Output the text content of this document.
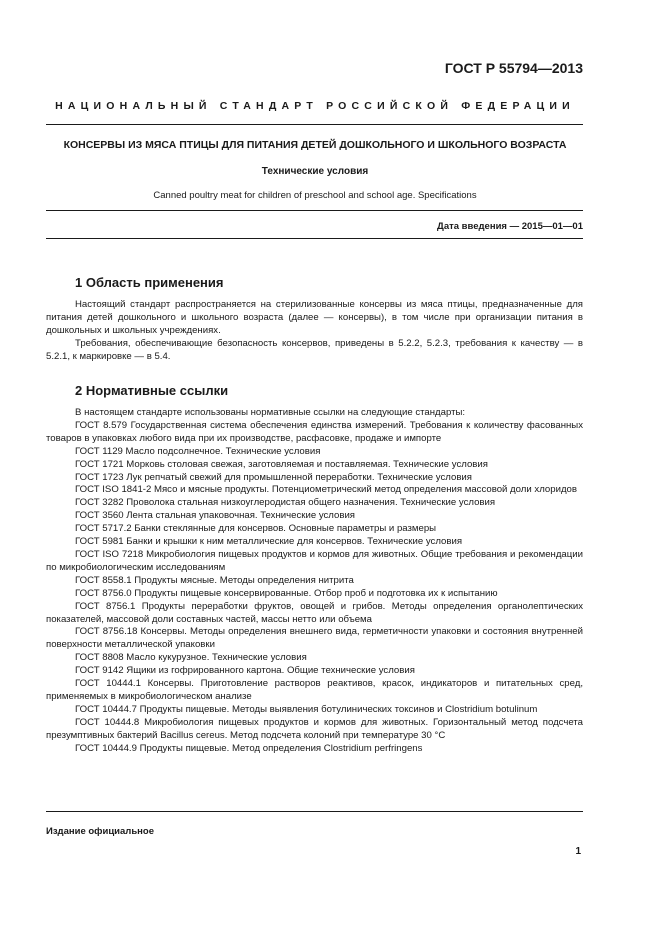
ГОСТ Р 55794—2013
НАЦИОНАЛЬНЫЙ СТАНДАРТ РОССИЙСКОЙ ФЕДЕРАЦИИ
КОНСЕРВЫ ИЗ МЯСА ПТИЦЫ ДЛЯ ПИТАНИЯ ДЕТЕЙ ДОШКОЛЬНОГО И ШКОЛЬНОГО ВОЗРАСТА
Технические условия
Canned poultry meat for children of preschool and school age. Specifications
Дата введения — 2015—01—01
1 Область применения

Настоящий стандарт распространяется на стерилизованные консервы из мяса птицы, предназначенные для питания детей дошкольного и школьного возраста (далее — консервы), в том числе при организации питания в дошкольных и школьных учреждениях.

Требования, обеспечивающие безопасность консервов, приведены в 5.2.2, 5.2.3, требования к качеству — в 5.2.1, к маркировке — в 5.4.

2 Нормативные ссылки

В настоящем стандарте использованы нормативные ссылки на следующие стандарты:

ГОСТ 8.579 Государственная система обеспечения единства измерений. Требования к количеству фасованных товаров в упаковках любого вида при их производстве, расфасовке, продаже и импорте

ГОСТ 1129 Масло подсолнечное. Технические условия

ГОСТ 1721 Морковь столовая свежая, заготовляемая и поставляемая. Технические условия

ГОСТ 1723 Лук репчатый свежий для промышленной переработки. Технические условия

ГОСТ ISO 1841-2 Мясо и мясные продукты. Потенциометрический метод определения массовой доли хлоридов

ГОСТ 3282 Проволока стальная низкоуглеродистая общего назначения. Технические условия

ГОСТ 3560 Лента стальная упаковочная. Технические условия

ГОСТ 5717.2 Банки стеклянные для консервов. Основные параметры и размеры

ГОСТ 5981 Банки и крышки к ним металлические для консервов. Технические условия

ГОСТ ISO 7218 Микробиология пищевых продуктов и кормов для животных. Общие требования и рекомендации по микробиологическим исследованиям

ГОСТ 8558.1 Продукты мясные. Методы определения нитрита

ГОСТ 8756.0 Продукты пищевые консервированные. Отбор проб и подготовка их к испытанию

ГОСТ 8756.1 Продукты переработки фруктов, овощей и грибов. Методы определения органолептических показателей, массовой доли составных частей, массы нетто или объема

ГОСТ 8756.18 Консервы. Методы определения внешнего вида, герметичности упаковки и состояния внутренней поверхности металлической упаковки

ГОСТ 8808 Масло кукурузное. Технические условия

ГОСТ 9142 Ящики из гофрированного картона. Общие технические условия

ГОСТ 10444.1 Консервы. Приготовление растворов реактивов, красок, индикаторов и питательных сред, применяемых в микробиологическом анализе

ГОСТ 10444.7 Продукты пищевые. Методы выявления ботулинических токсинов и Clostridium botulinum

ГОСТ 10444.8 Микробиология пищевых продуктов и кормов для животных. Горизонтальный метод подсчета презумптивных бактерий Bacillus cereus. Метод подсчета колоний при температуре 30 °С

ГОСТ 10444.9 Продукты пищевые. Метод определения Clostridium perfringens

Издание официальное
1
